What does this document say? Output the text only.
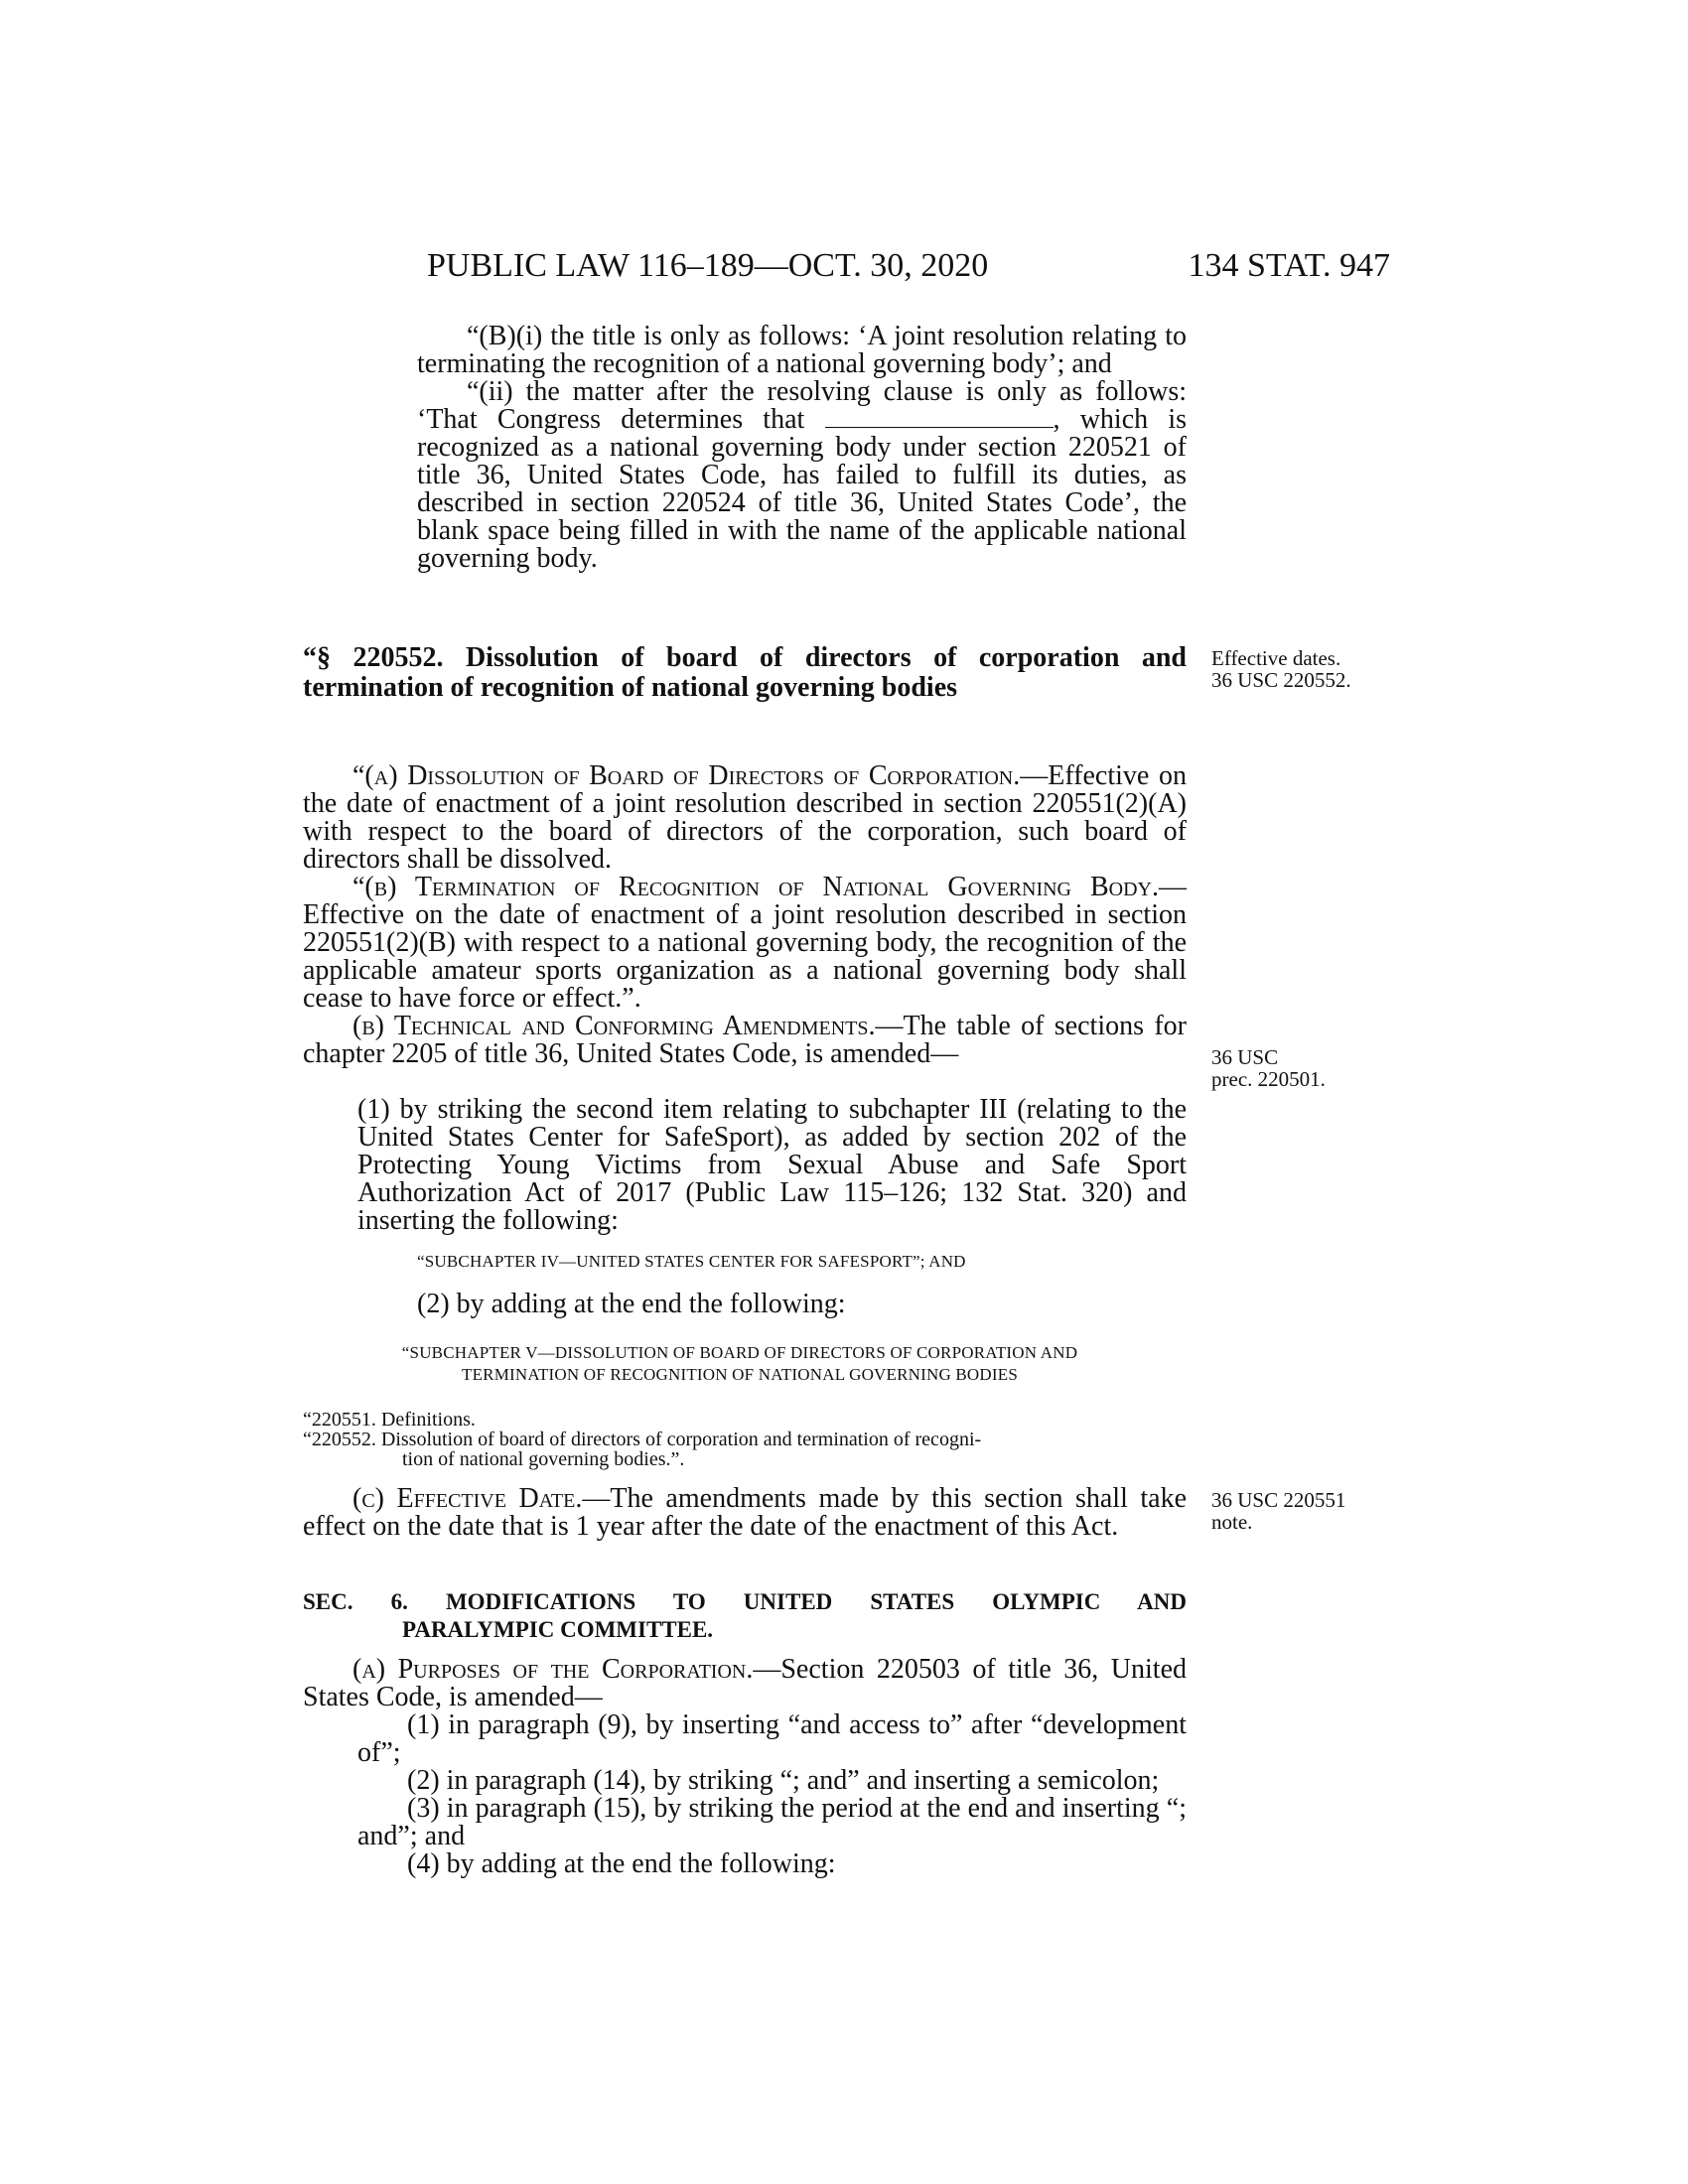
PUBLIC LAW 116–189—OCT. 30, 2020	134 STAT. 947

“(B)(i) the title is only as follows: ‘A joint resolution relating to terminating the recognition of a national governing body’; and

“(ii) the matter after the resolving clause is only as follows: ‘That Congress determines that	, which is recognized as a national governing body under section 220521 of title 36, United States Code, has failed to fulfill its duties, as described in section 220524 of title 36, United States Code’, the blank space being filled in with the name of the applicable national governing body.

“§ 220552. Dissolution of board of directors of corporation and termination of recognition of national governing bodies
Effective dates.
36 USC 220552.

“(a) Dissolution of Board of Directors of Corporation.—Effective on the date of enactment of a joint resolution described in section 220551(2)(A) with respect to the board of directors of the corporation, such board of directors shall be dissolved.

“(b) Termination of Recognition of National Governing Body.—Effective on the date of enactment of a joint resolution described in section 220551(2)(B) with respect to a national governing body, the recognition of the applicable amateur sports organization as a national governing body shall cease to have force or effect.”.

(b) Technical and Conforming Amendments.—The table of sections for chapter 2205 of title 36, United States Code, is amended—

(1) by striking the second item relating to subchapter III (relating to the United States Center for SafeSport), as added by section 202 of the Protecting Young Victims from Sexual Abuse and Safe Sport Authorization Act of 2017 (Public Law 115–126; 132 Stat. 320) and inserting the following:

36 USC
prec. 220501.
“SUBCHAPTER IV—UNITED STATES CENTER FOR SAFESPORT”; AND
(2) by adding at the end the following:
“SUBCHAPTER V—DISSOLUTION OF BOARD OF DIRECTORS OF CORPORATION AND
TERMINATION OF RECOGNITION OF NATIONAL GOVERNING BODIES
“220551. Definitions.
“220552. Dissolution of board of directors of corporation and termination of recogni-
tion of national governing bodies.”.

(c) Effective Date.—The amendments made by this section shall take effect on the date that is 1 year after the date of the enactment of this Act.

36 USC 220551
note.
SEC. 6. MODIFICATIONS TO UNITED STATES OLYMPIC AND
PARALYMPIC COMMITTEE.

(a) Purposes of the Corporation.—Section 220503 of title 36, United States Code, is amended—

(1) in paragraph (9), by inserting “and access to” after “development of”;

(2) in paragraph (14), by striking “; and” and inserting a semicolon;

(3) in paragraph (15), by striking the period at the end and inserting “; and”; and

(4) by adding at the end the following:
